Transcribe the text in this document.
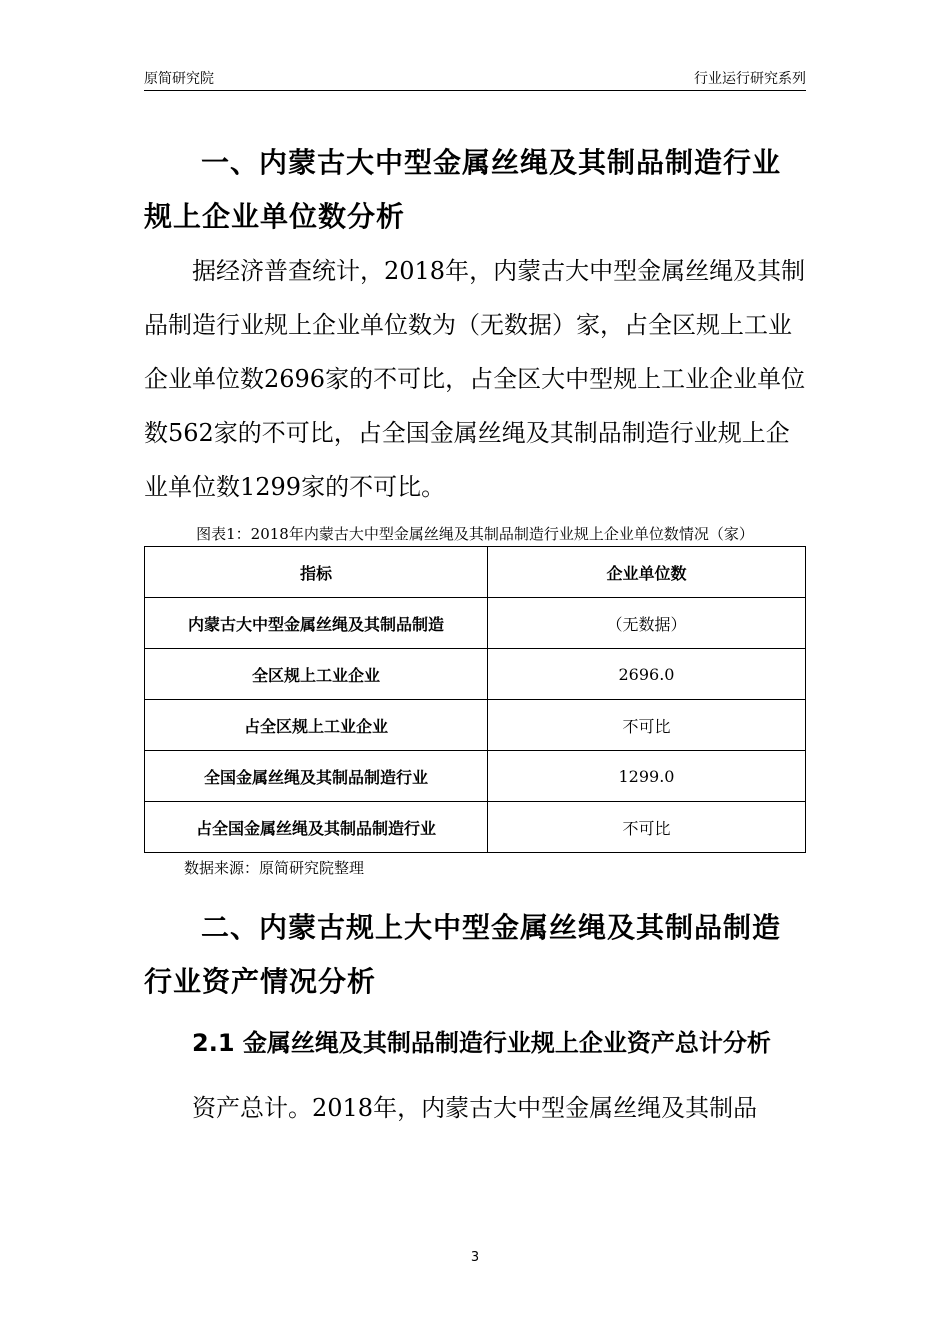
原简研究院	行业运行研究系列
一、内蒙古大中型金属丝绳及其制品制造行业规上企业单位数分析

据经济普查统计，2018年，内蒙古大中型金属丝绳及其制品制造行业规上企业单位数为（无数据）家，占全区规上工业企业单位数2696家的不可比，占全区大中型规上工业企业单位数562家的不可比，占全国金属丝绳及其制品制造行业规上企业单位数1299家的不可比。

图表1：2018年内蒙古大中型金属丝绳及其制品制造行业规上企业单位数情况（家）
指标	企业单位数
内蒙古大中型金属丝绳及其制品制造	（无数据）
全区规上工业企业	2696.0
占全区规上工业企业	不可比
全国金属丝绳及其制品制造行业	1299.0
占全国金属丝绳及其制品制造行业	不可比
数据来源：原简研究院整理
二、内蒙古规上大中型金属丝绳及其制品制造行业资产情况分析
2.1 金属丝绳及其制品制造行业规上企业资产总计分析

资产总计。2018年，内蒙古大中型金属丝绳及其制品

3
